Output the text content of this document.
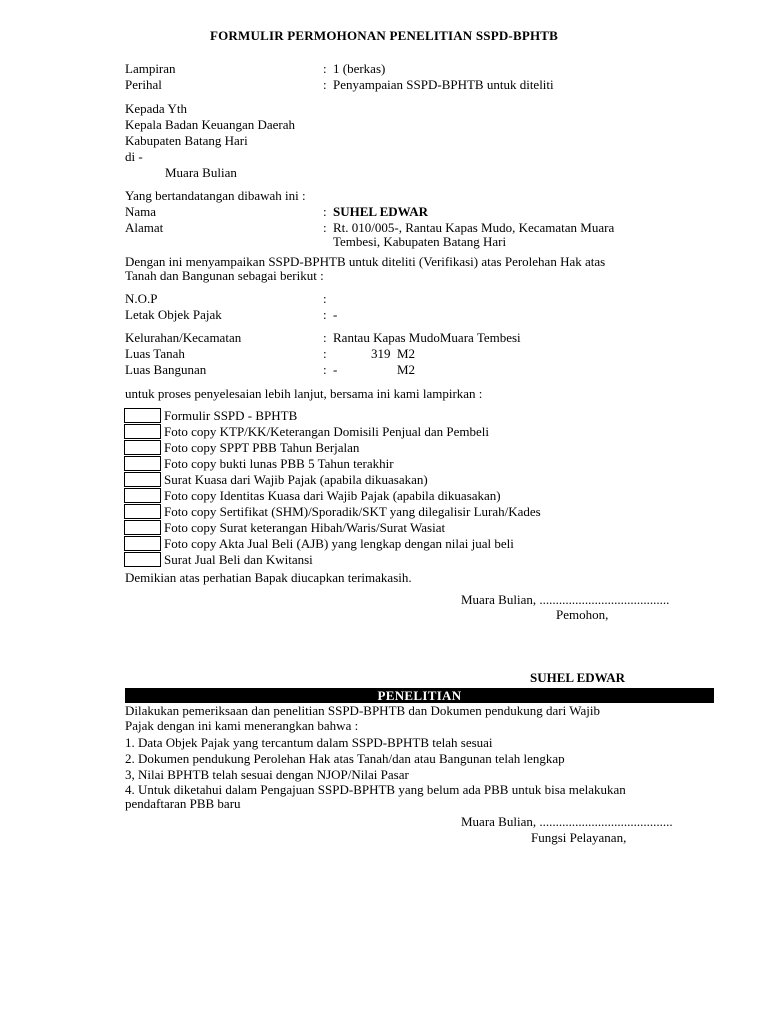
FORMULIR PERMOHONAN PENELITIAN SSPD-BPHTB
Lampiran	: 1 (berkas)
Perihal	: Penyampaian SSPD-BPHTB untuk diteliti
Kepada Yth
Kepala Badan Keuangan Daerah
Kabupaten Batang Hari
di -
Muara Bulian
Yang bertandatangan dibawah ini :
Nama	: SUHEL EDWAR
Alamat	: Rt. 010/005-, Rantau Kapas Mudo, Kecamatan Muara
Tembesi, Kabupaten Batang Hari
Dengan ini menyampaikan SSPD-BPHTB untuk diteliti (Verifikasi) atas Perolehan Hak atas
Tanah dan Bangunan sebagai berikut :
N.O.P	:
Letak Objek Pajak	: -
Kelurahan/Kecamatan	: Rantau Kapas MudoMuara Tembesi
Luas Tanah	:	319 M2
Luas Bangunan	: -	M2
untuk proses penyelesaian lebih lanjut, bersama ini kami lampirkan :
Formulir SSPD - BPHTB
Foto copy KTP/KK/Keterangan Domisili Penjual dan Pembeli
Foto copy SPPT PBB Tahun Berjalan
Foto copy bukti lunas PBB 5 Tahun terakhir
Surat Kuasa dari Wajib Pajak (apabila dikuasakan)
Foto copy Identitas Kuasa dari Wajib Pajak (apabila dikuasakan)
Foto copy Sertifikat (SHM)/Sporadik/SKT yang dilegalisir Lurah/Kades
Foto copy Surat keterangan Hibah/Waris/Surat Wasiat
Foto copy Akta Jual Beli (AJB) yang lengkap dengan nilai jual beli
Surat Jual Beli dan Kwitansi
Demikian atas perhatian Bapak diucapkan terimakasih.
Muara Bulian, ........................................
Pemohon,
SUHEL EDWAR
PENELITIAN
Dilakukan pemeriksaan dan penelitian SSPD-BPHTB dan Dokumen pendukung dari Wajib
Pajak dengan ini kami menerangkan bahwa :
1. Data Objek Pajak yang tercantum dalam SSPD-BPHTB telah sesuai
2. Dokumen pendukung Perolehan Hak atas Tanah/dan atau Bangunan telah lengkap
3, Nilai BPHTB telah sesuai dengan NJOP/Nilai Pasar
4. Untuk diketahui dalam Pengajuan SSPD-BPHTB yang belum ada PBB untuk bisa melakukan
pendaftaran PBB baru
Muara Bulian, .........................................
Fungsi Pelayanan,
